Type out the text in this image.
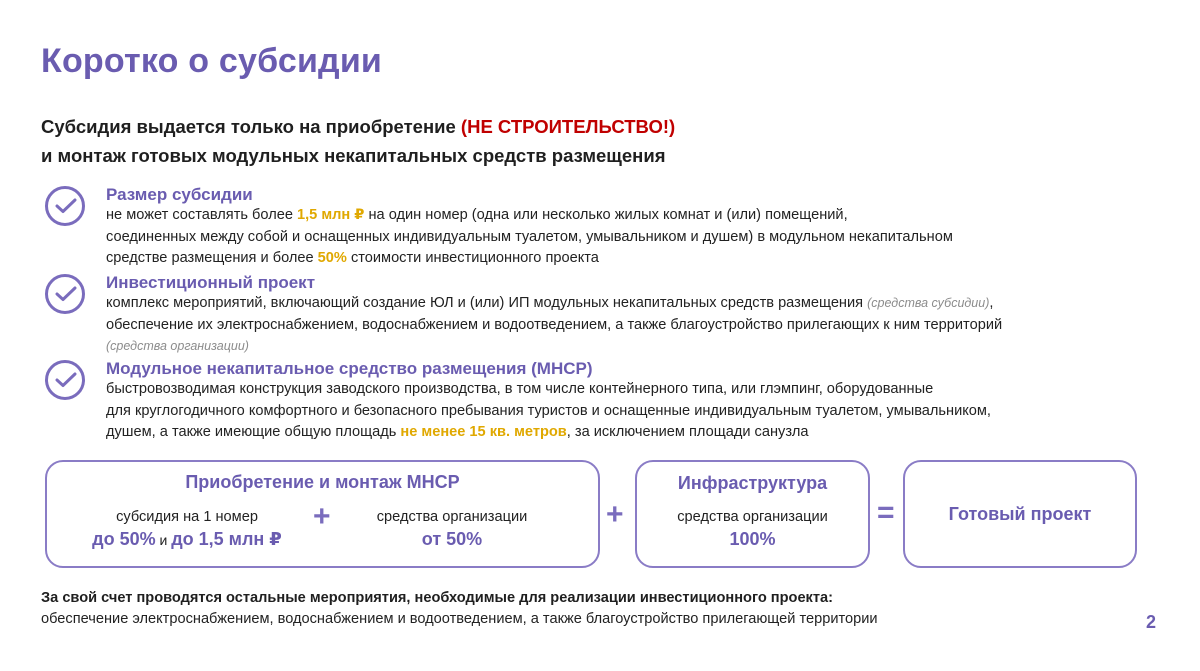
Коротко о субсидии
Субсидия выдается только на приобретение (НЕ СТРОИТЕЛЬСТВО!)
и монтаж готовых модульных некапитальных средств размещения
Размер субсидии
не может составлять более 1,5 млн ₽ на один номер (одна или несколько жилых комнат и (или) помещений,
соединенных между собой и оснащенных индивидуальным туалетом, умывальником и душем) в модульном некапитальном
средстве размещения и более 50% стоимости инвестиционного проекта
Инвестиционный проект
комплекс мероприятий, включающий создание ЮЛ и (или) ИП модульных некапитальных средств размещения (средства субсидии),
обеспечение их электроснабжением, водоснабжением и водоотведением, а также благоустройство прилегающих к ним территорий
(средства организации)
Модульное некапитальное средство размещения (МНСР)
быстровозводимая конструкция заводского производства, в том числе контейнерного типа, или глэмпинг, оборудованные
для круглогодичного комфортного и безопасного пребывания туристов и оснащенные индивидуальным туалетом, умывальником,
душем, а также имеющие общую площадь не менее 15 кв. метров, за исключением площади санузла
Приобретение и монтаж МНСР
субсидия на 1 номер
до 50% и до 1,5 млн ₽
+	средства организации
от 50%
+
Инфраструктура
средства организации
100%
=	Готовый проект
За свой счет проводятся остальные мероприятия, необходимые для реализации инвестиционного проекта:
обеспечение электроснабжением, водоснабжением и водоотведением, а также благоустройство прилегающей территории	2
